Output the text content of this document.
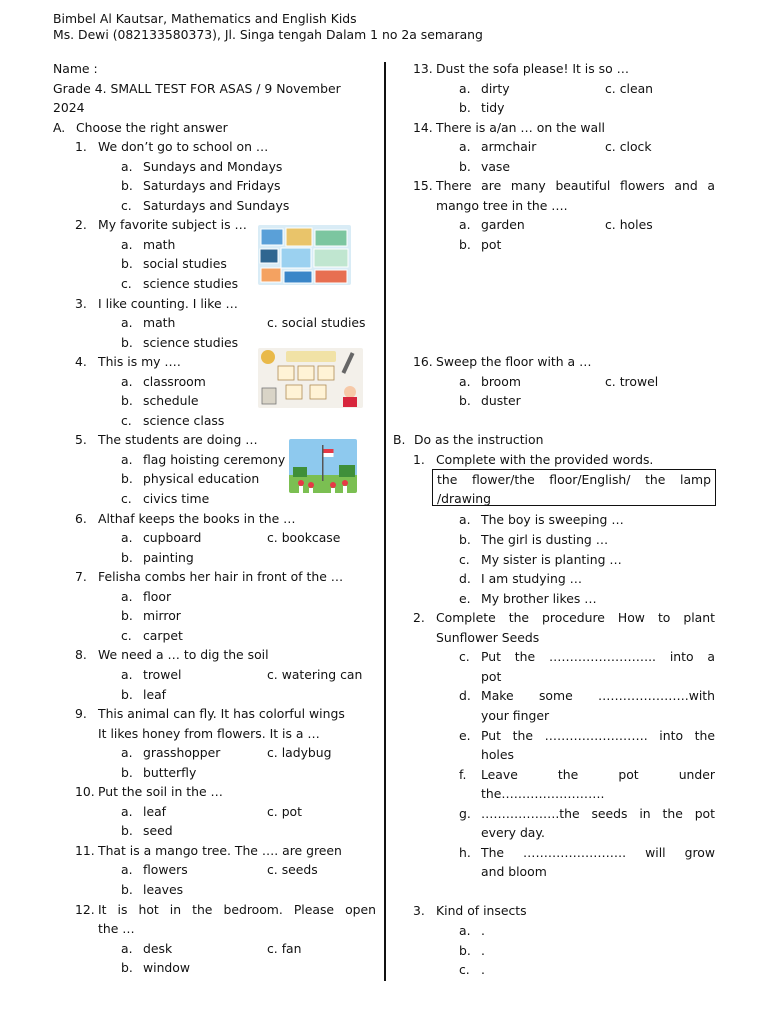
Bimbel Al Kautsar, Mathematics and English Kids
Ms. Dewi (082133580373), Jl. Singa tengah Dalam 1 no 2a semarang
Name :
Grade 4. SMALL TEST FOR ASAS / 9 November
2024
A. Choose the right answer
1. We don’t go to school on …
a. Sundays and Mondays
b. Saturdays and Fridays
c. Saturdays and Sundays
2. My favorite subject is …
a. math
b. social studies
c. science studies
3. I like counting. I like …
a. math	c. social studies
b. science studies
4. This is my ….
a. classroom
b. schedule
c. science class
5. The students are doing …
a. flag hoisting ceremony
b. physical education
c. civics time
6. Althaf keeps the books in the …
a. cupboard	c. bookcase
b. painting
7. Felisha combs her hair in front of the …
a. floor
b. mirror
c. carpet
8. We need a … to dig the soil
a. trowel	c. watering can
b. leaf
9. This animal can fly. It has colorful wings
It likes honey from flowers. It is a …
a. grasshopper	c. ladybug
b. butterfly
10. Put the soil in the …
a. leaf	c. pot
b. seed
11. That is a mango tree. The …. are green
a. flowers	c. seeds
b. leaves
12. It is hot in the bedroom. Please open
the …
a. desk	c. fan
b. window
13. Dust the sofa please! It is so …
a. dirty	c. clean
b. tidy
14. There is a/an … on the wall
a. armchair	c. clock
b. vase
15. There are many beautiful flowers and a
mango tree in the ….
a. garden	c. holes
b. pot
16. Sweep the floor with a …
a. broom	c. trowel
b. duster
B. Do as the instruction
1. Complete with the provided words.
a. The boy is sweeping …
b. The girl is dusting …
c. My sister is planting …
d. I am studying …
e. My brother likes …
2. Complete the procedure How to plant
Sunflower Seeds
c. Put the …………………….. into a
pot
d. Make some ………………….with
your finger
e. Put the ……………………. into the
holes
f. Leave the pot under
the…………………….
g. ……………….the seeds in the pot
every day.
h. The ……………………. will grow
and bloom
3. Kind of insects
a. .
b. .
c. .
the flower/the floor/English/ the lamp
/drawing
